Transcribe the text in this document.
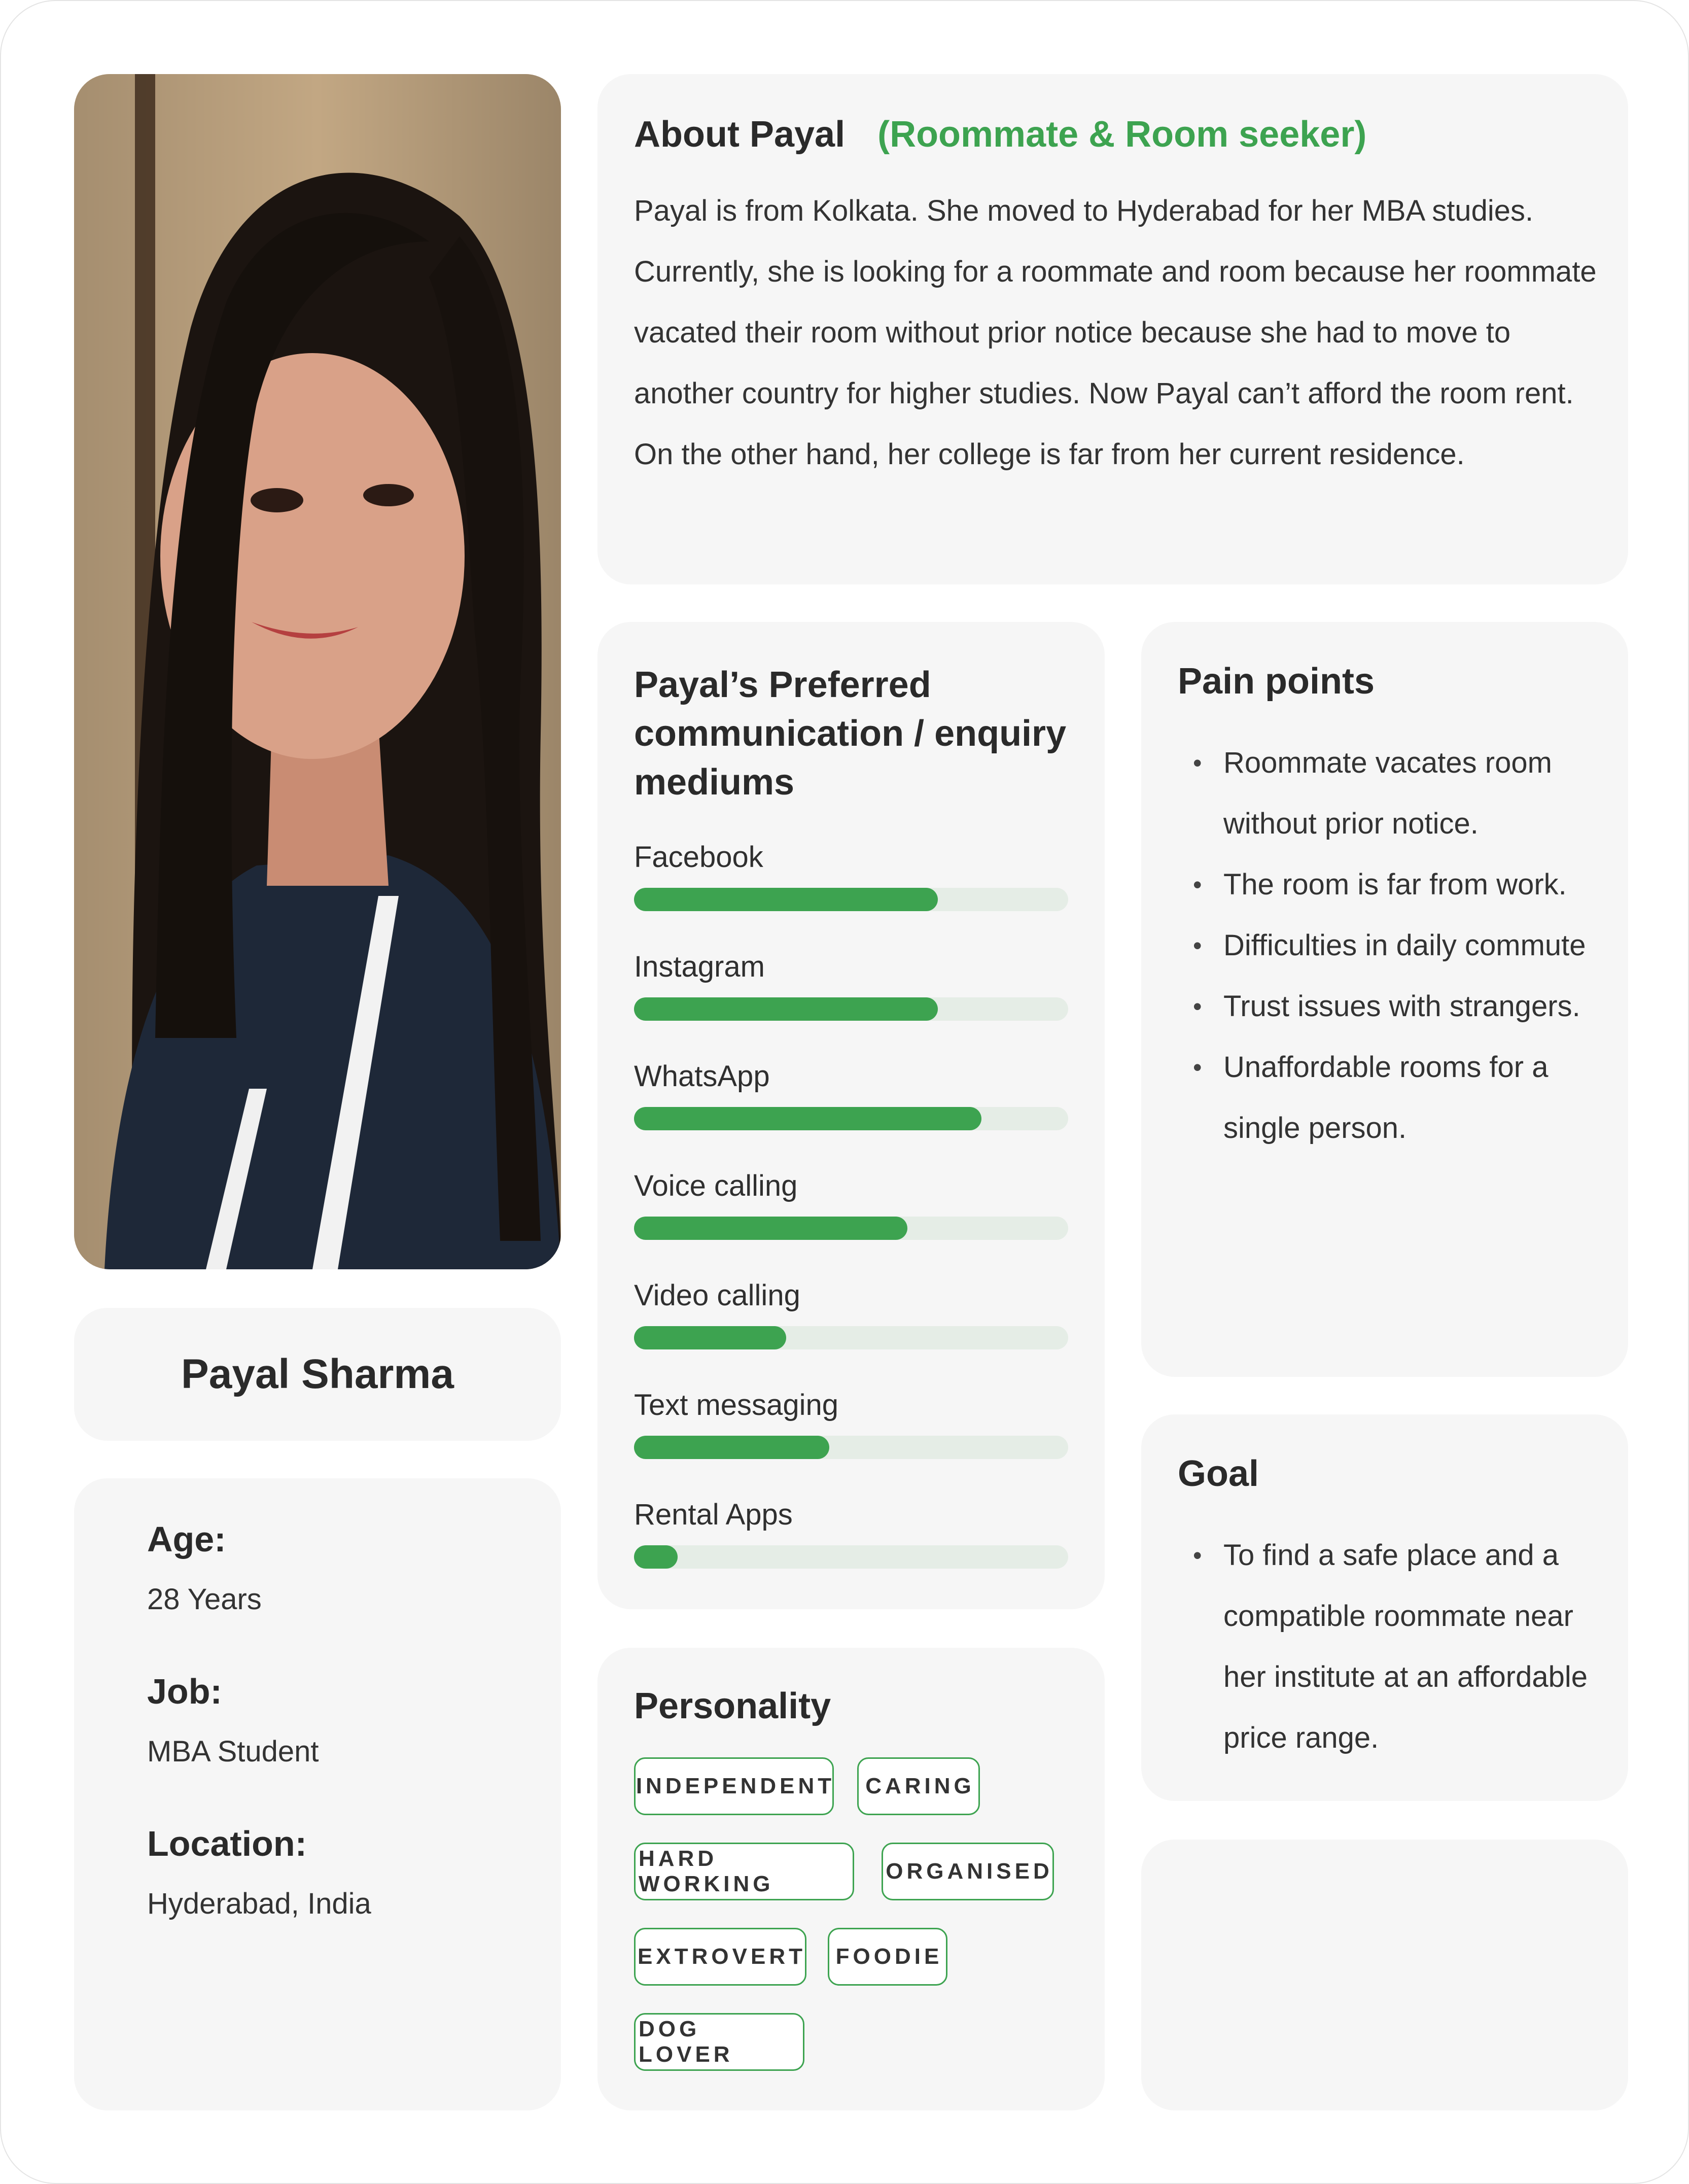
Payal Sharma
Age:
28 Years
Job:
MBA Student
Location:
Hyderabad, India
About Payal (Roommate & Room seeker)
Payal is from Kolkata. She moved to Hyderabad for her MBA studies. Currently, she is looking for a roommate and room because her roommate vacated their room without prior notice because she had to move to another country for higher studies. Now Payal can’t afford the room rent. On the other hand, her college is far from her current residence.
Payal’s Preferred communication / enquiry mediums
Facebook
Instagram
WhatsApp
Voice calling
Video calling
Text messaging
Rental Apps
Personality
INDEPENDENT	CARING
HARD WORKING
ORGANISED
EXTROVERT	FOODIE
DOG LOVER
Pain points
• Roommate vacates room without prior notice.
• The room is far from work.
• Difficulties in daily commute
• Trust issues with strangers.
• Unaffordable rooms for a single person.
Goal
• To find a safe place and a compatible roommate near her institute at an affordable price range.
